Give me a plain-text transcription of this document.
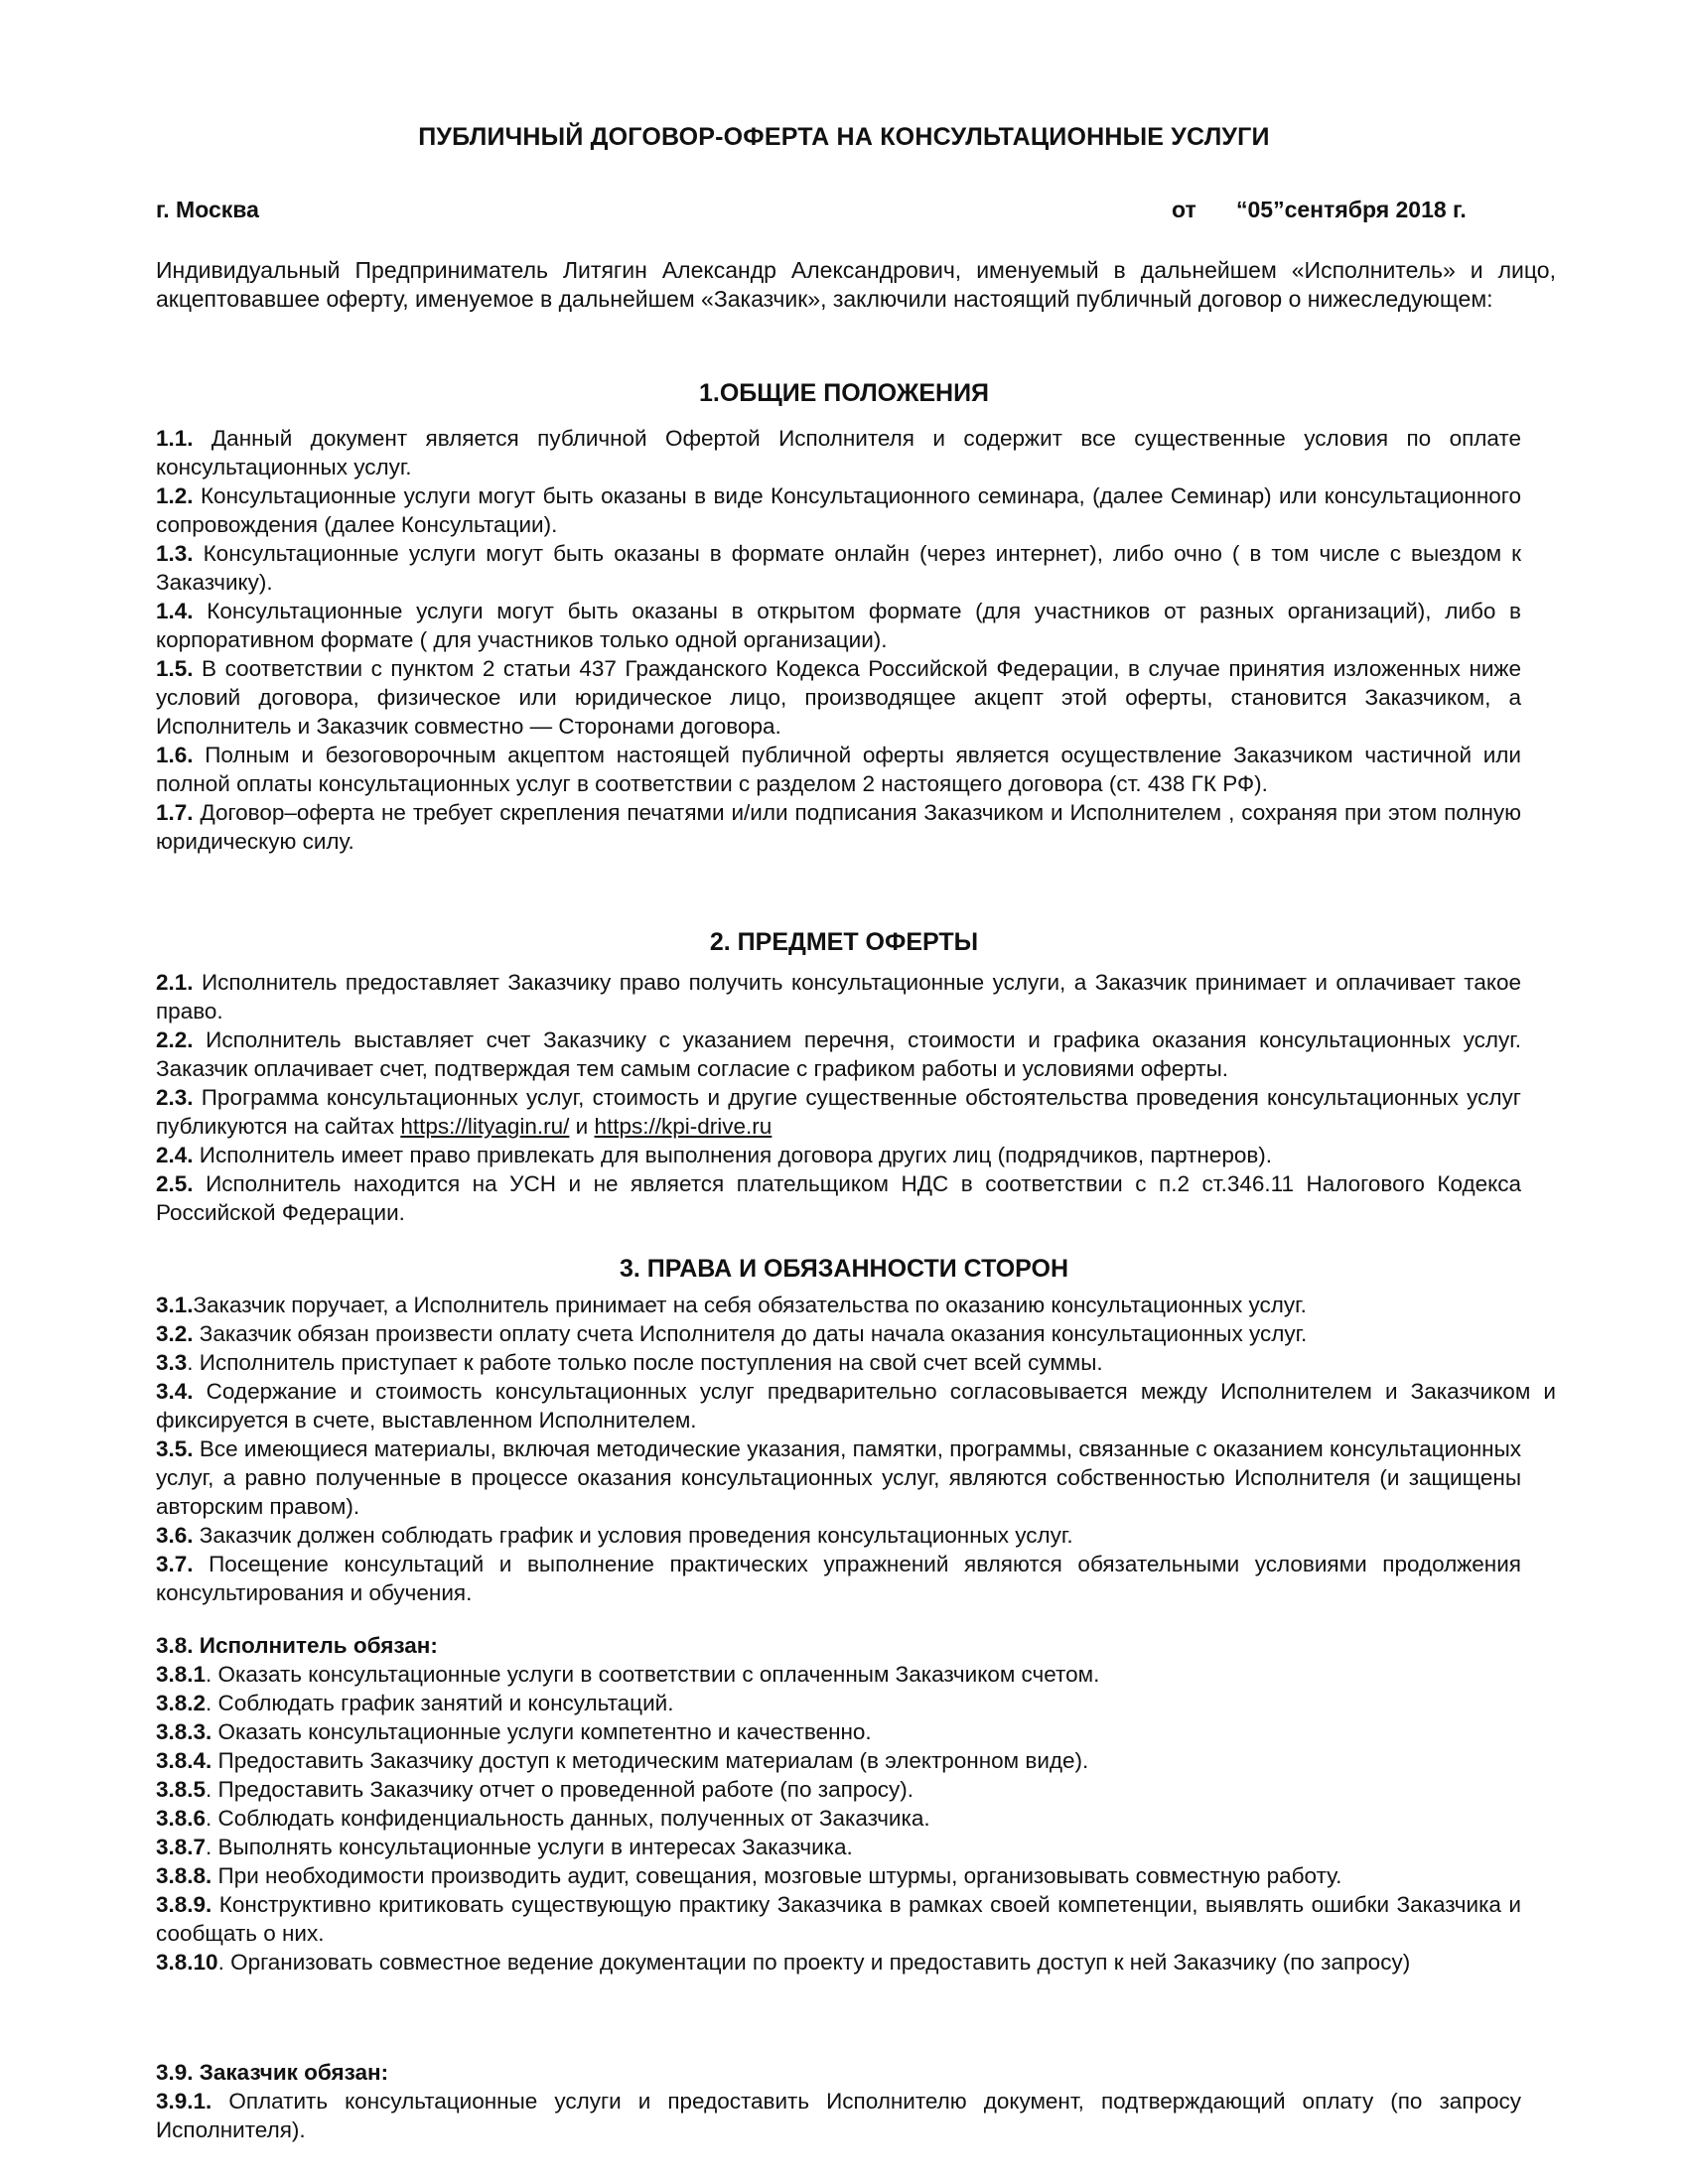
ПУБЛИЧНЫЙ ДОГОВОР-ОФЕРТА НА КОНСУЛЬТАЦИОННЫЕ УСЛУГИ
г. Москва	от “05”сентября 2018 г.
Индивидуальный Предприниматель Литягин Александр Александрович, именуемый в дальнейшем «Исполнитель» и лицо, акцептовавшее оферту, именуемое в дальнейшем «Заказчик», заключили настоящий публичный договор о нижеследующем:
1.ОБЩИЕ ПОЛОЖЕНИЯ

1.1. Данный документ является публичной Офертой Исполнителя и содержит все существенные условия по оплате консультационных услуг.

1.2. Консультационные услуги могут быть оказаны в виде Консультационного семинара, (далее Семинар) или консультационного сопровождения (далее Консультации).

1.3. Консультационные услуги могут быть оказаны в формате онлайн (через интернет), либо очно ( в том числе с выездом к Заказчику).

1.4. Консультационные услуги могут быть оказаны в открытом формате (для участников от разных организаций), либо в корпоративном формате ( для участников только одной организации).

1.5. В соответствии с пунктом 2 статьи 437 Гражданского Кодекса Российской Федерации, в случае принятия изложенных ниже условий договора, физическое или юридическое лицо, производящее акцепт этой оферты, становится Заказчиком, а Исполнитель и Заказчик совместно — Сторонами договора.

1.6. Полным и безоговорочным акцептом настоящей публичной оферты является осуществление Заказчиком частичной или полной оплаты консультационных услуг в соответствии с разделом 2 настоящего договора (ст. 438 ГК РФ).

1.7. Договор–оферта не требует скрепления печатями и/или подписания Заказчиком и Исполнителем , сохраняя при этом полную юридическую силу.

2. ПРЕДМЕТ ОФЕРТЫ

2.1. Исполнитель предоставляет Заказчику право получить консультационные услуги, а Заказчик принимает и оплачивает такое право.

2.2. Исполнитель выставляет счет Заказчику с указанием перечня, стоимости и графика оказания консультационных услуг. Заказчик оплачивает счет, подтверждая тем самым согласие с графиком работы и условиями оферты.

2.3. Программа консультационных услуг, стоимость и другие существенные обстоятельства проведения консультационных услуг публикуются на сайтах https://lityagin.ru/ и https://kpi-drive.ru

2.4. Исполнитель имеет право привлекать для выполнения договора других лиц (подрядчиков, партнеров).

2.5. Исполнитель находится на УСН и не является плательщиком НДС в соответствии с п.2 ст.346.11 Налогового Кодекса Российской Федерации.

3. ПРАВА И ОБЯЗАННОСТИ СТОРОН

3.1.Заказчик поручает, а Исполнитель принимает на себя обязательства по оказанию консультационных услуг.

3.2. Заказчик обязан произвести оплату счета Исполнителя до даты начала оказания консультационных услуг.

3.3. Исполнитель приступает к работе только после поступления на свой счет всей суммы.

3.4. Содержание и стоимость консультационных услуг предварительно согласовывается между Исполнителем и Заказчиком и фиксируется в счете, выставленном Исполнителем.

3.5. Все имеющиеся материалы, включая методические указания, памятки, программы, связанные с оказанием консультационных услуг, а равно полученные в процессе оказания консультационных услуг, являются собственностью Исполнителя (и защищены авторским правом).

3.6. Заказчик должен соблюдать график и условия проведения консультационных услуг.

3.7. Посещение консультаций и выполнение практических упражнений являются обязательными условиями продолжения консультирования и обучения.

3.8. Исполнитель обязан:

3.8.1. Оказать консультационные услуги в соответствии с оплаченным Заказчиком счетом.

3.8.2. Соблюдать график занятий и консультаций.

3.8.3. Оказать консультационные услуги компетентно и качественно.

3.8.4. Предоставить Заказчику доступ к методическим материалам (в электронном виде).

3.8.5. Предоставить Заказчику отчет о проведенной работе (по запросу).

3.8.6. Соблюдать конфиденциальность данных, полученных от Заказчика.

3.8.7. Выполнять консультационные услуги в интересах Заказчика.

3.8.8. При необходимости производить аудит, совещания, мозговые штурмы, организовывать совместную работу.

3.8.9. Конструктивно критиковать существующую практику Заказчика в рамках своей компетенции, выявлять ошибки Заказчика и сообщать о них.

3.8.10. Организовать совместное ведение документации по проекту и предоставить доступ к ней Заказчику (по запросу)

3.9. Заказчик обязан:

3.9.1. Оплатить консультационные услуги и предоставить Исполнителю документ, подтверждающий оплату (по запросу Исполнителя).
